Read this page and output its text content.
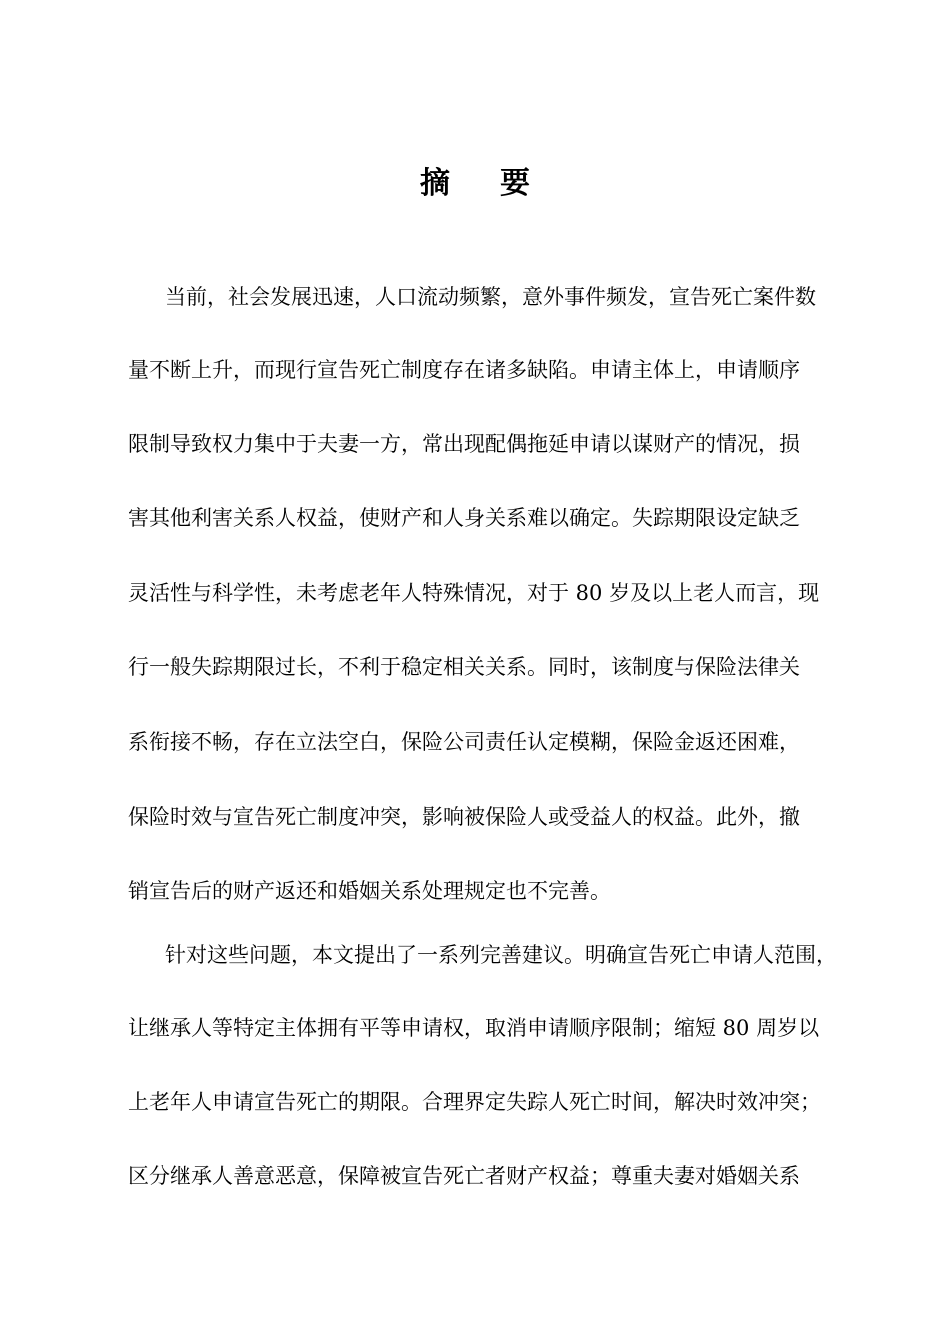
摘 要
当前，社会发展迅速，人口流动频繁，意外事件频发，宣告死亡案件数
量不断上升，而现行宣告死亡制度存在诸多缺陷。申请主体上，申请顺序
限制导致权力集中于夫妻一方，常出现配偶拖延申请以谋财产的情况，损
害其他利害关系人权益，使财产和人身关系难以确定。失踪期限设定缺乏
灵活性与科学性，未考虑老年人特殊情况，对于 80 岁及以上老人而言，现
行一般失踪期限过长，不利于稳定相关关系。同时，该制度与保险法律关
系衔接不畅，存在立法空白，保险公司责任认定模糊，保险金返还困难，
保险时效与宣告死亡制度冲突，影响被保险人或受益人的权益。此外，撤
销宣告后的财产返还和婚姻关系处理规定也不完善。
针对这些问题，本文提出了一系列完善建议。明确宣告死亡申请人范围，
让继承人等特定主体拥有平等申请权，取消申请顺序限制；缩短 80 周岁以
上老年人申请宣告死亡的期限。合理界定失踪人死亡时间，解决时效冲突；
区分继承人善意恶意，保障被宣告死亡者财产权益；尊重夫妻对婚姻关系
